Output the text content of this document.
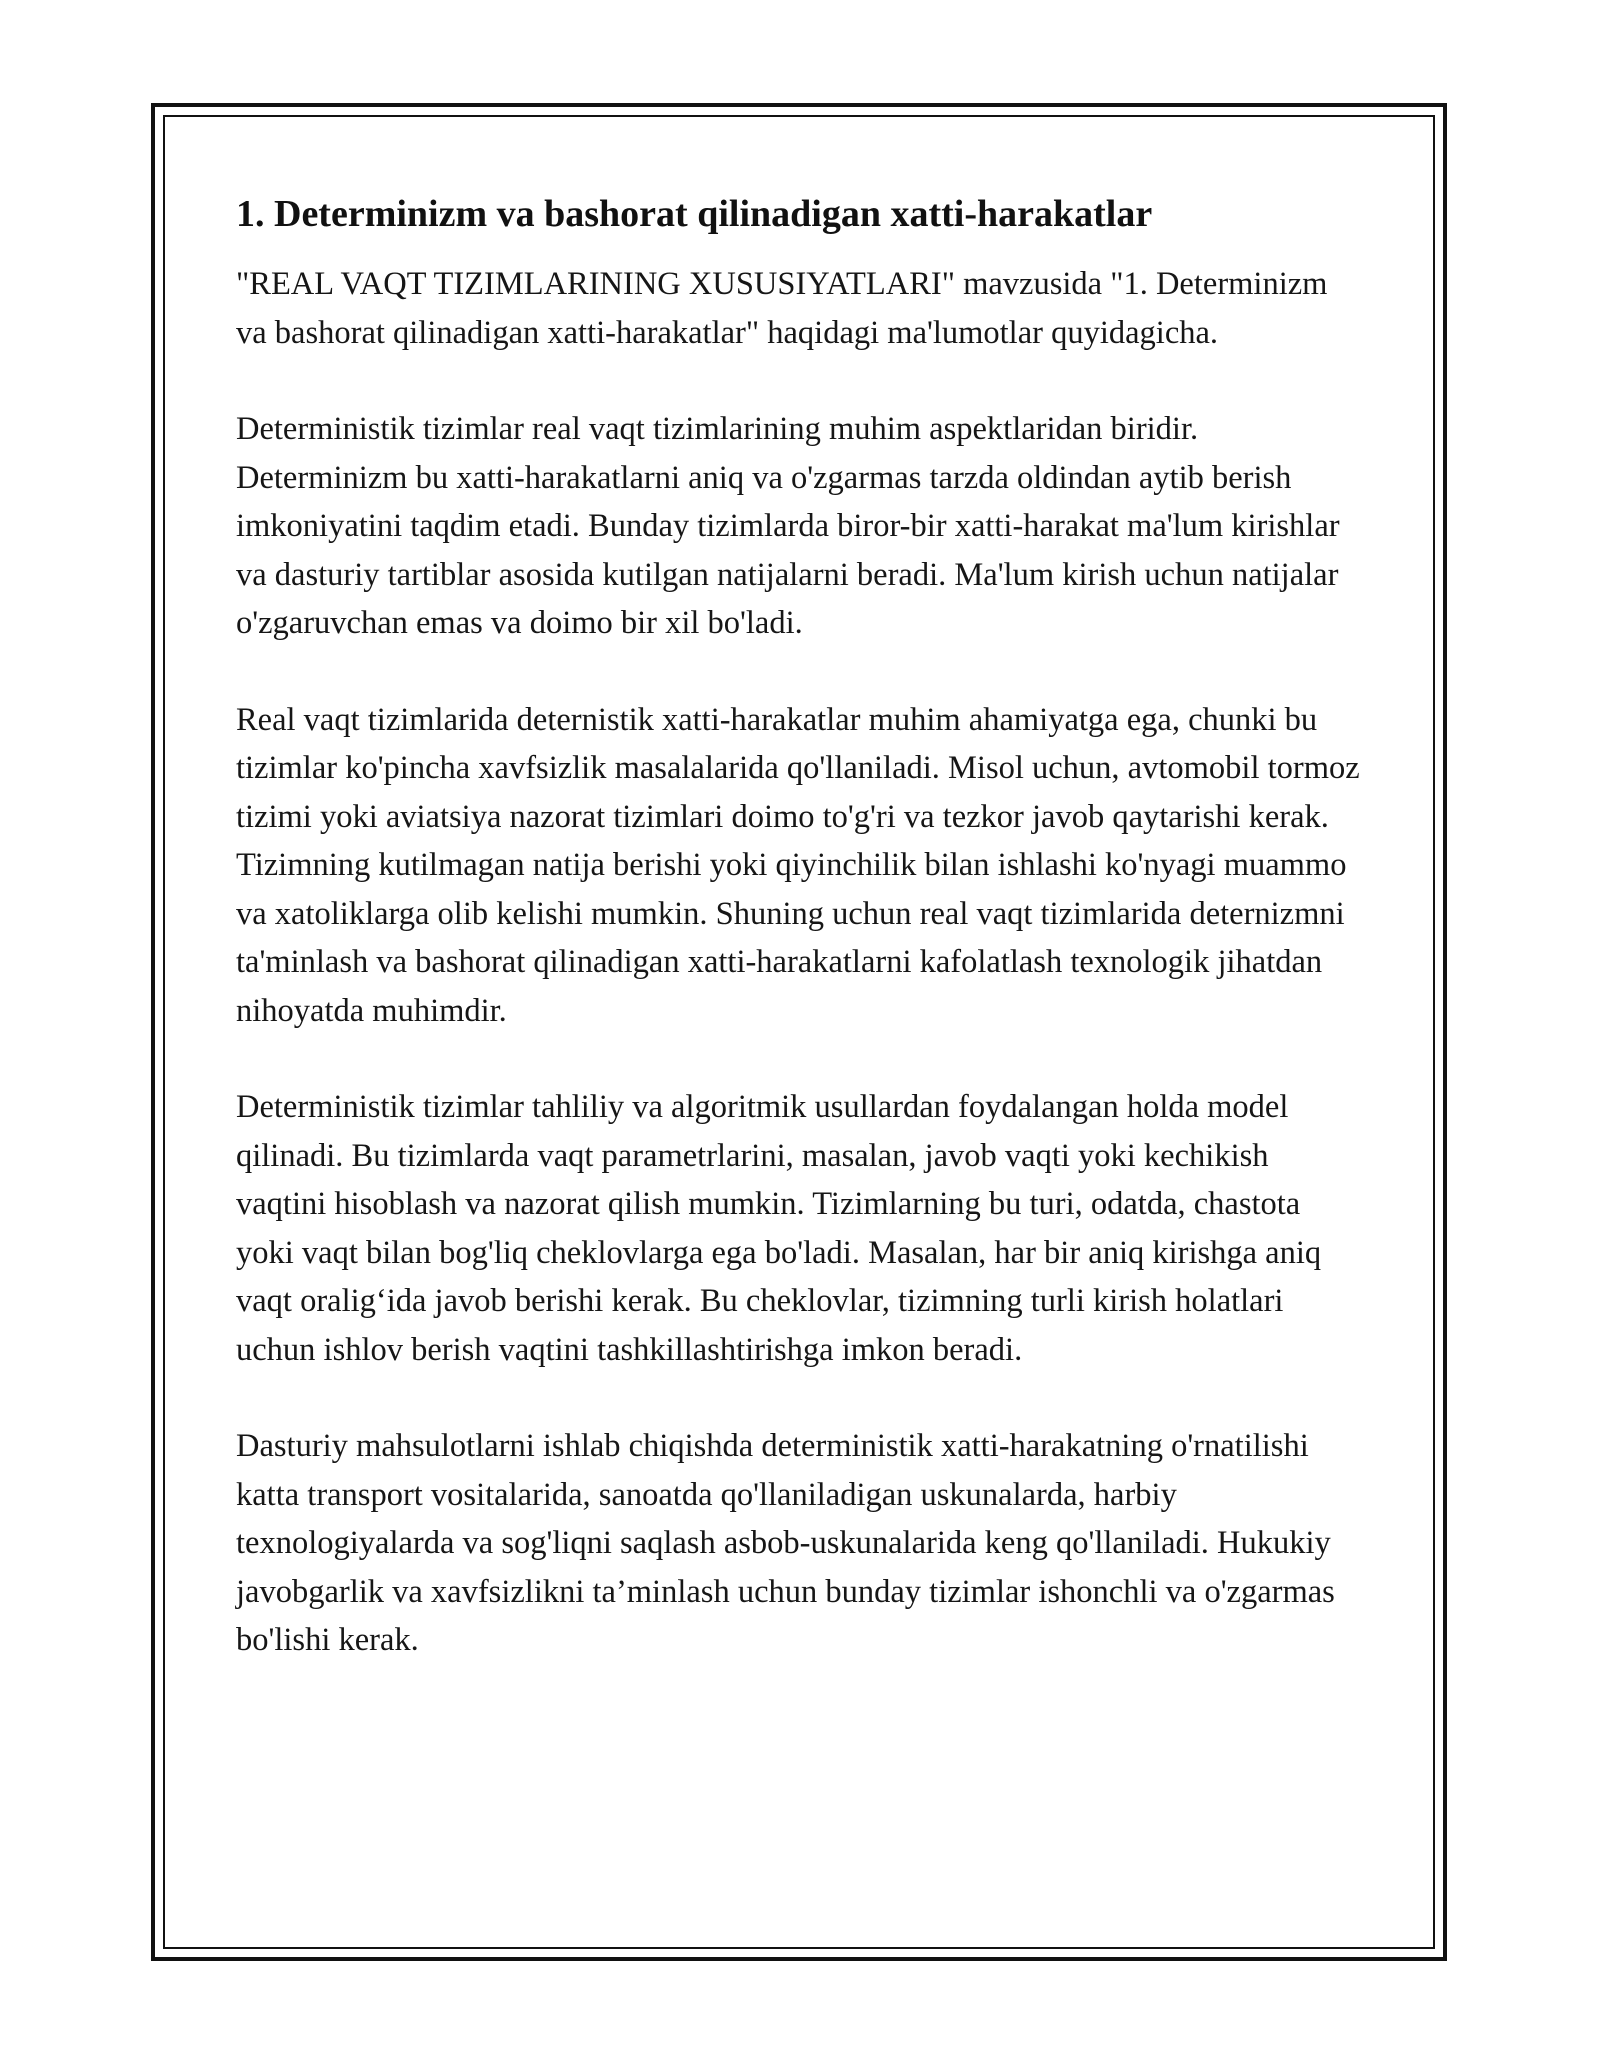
1. Determinizm va bashorat qilinadigan xatti-harakatlar

"REAL VAQT TIZIMLARINING XUSUSIYATLARI" mavzusida "1. Determinizm va bashorat qilinadigan xatti-harakatlar" haqidagi ma'lumotlar quyidagicha.

Deterministik tizimlar real vaqt tizimlarining muhim aspektlaridan biridir. Determinizm bu xatti-harakatlarni aniq va o'zgarmas tarzda oldindan aytib berish imkoniyatini taqdim etadi. Bunday tizimlarda biror-bir xatti-harakat ma'lum kirishlar va dasturiy tartiblar asosida kutilgan natijalarni beradi. Ma'lum kirish uchun natijalar o'zgaruvchan emas va doimo bir xil bo'ladi.

Real vaqt tizimlarida deternistik xatti-harakatlar muhim ahamiyatga ega, chunki bu tizimlar ko'pincha xavfsizlik masalalarida qo'llaniladi. Misol uchun, avtomobil tormoz tizimi yoki aviatsiya nazorat tizimlari doimo to'g'ri va tezkor javob qaytarishi kerak. Tizimning kutilmagan natija berishi yoki qiyinchilik bilan ishlashi ko'nyagi muammo va xatoliklarga olib kelishi mumkin. Shuning uchun real vaqt tizimlarida deternizmni ta'minlash va bashorat qilinadigan xatti-harakatlarni kafolatlash texnologik jihatdan nihoyatda muhimdir.

Deterministik tizimlar tahliliy va algoritmik usullardan foydalangan holda model qilinadi. Bu tizimlarda vaqt parametrlarini, masalan, javob vaqti yoki kechikish vaqtini hisoblash va nazorat qilish mumkin. Tizimlarning bu turi, odatda, chastota yoki vaqt bilan bog'liq cheklovlarga ega bo'ladi. Masalan, har bir aniq kirishga aniq vaqt oralig‘ida javob berishi kerak. Bu cheklovlar, tizimning turli kirish holatlari uchun ishlov berish vaqtini tashkillashtirishga imkon beradi.

Dasturiy mahsulotlarni ishlab chiqishda deterministik xatti-harakatning o'rnatilishi katta transport vositalarida, sanoatda qo'llaniladigan uskunalarda, harbiy texnologiyalarda va sog'liqni saqlash asbob-uskunalarida keng qo'llaniladi. Hukukiy javobgarlik va xavfsizlikni ta’minlash uchun bunday tizimlar ishonchli va o'zgarmas bo'lishi kerak.
